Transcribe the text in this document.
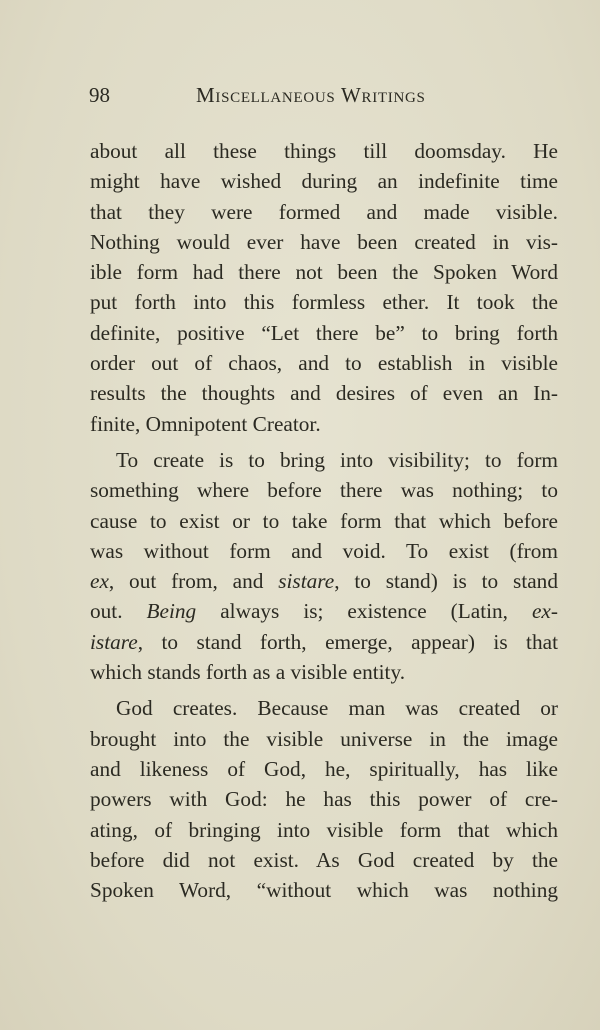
98	Miscellaneous Writings
about all these things till doomsday. He
might have wished during an indefinite time
that they were formed and made visible.
Nothing would ever have been created in vis-
ible form had there not been the Spoken Word
put forth into this formless ether. It took the
definite, positive “Let there be” to bring forth
order out of chaos, and to establish in visible
results the thoughts and desires of even an In-
finite, Omnipotent Creator.
To create is to bring into visibility; to form
something where before there was nothing; to
cause to exist or to take form that which before
was without form and void. To exist (from
ex, out from, and sistare, to stand) is to stand
out. Being always is; existence (Latin, ex-
istare, to stand forth, emerge, appear) is that
which stands forth as a visible entity.
God creates. Because man was created or
brought into the visible universe in the image
and likeness of God, he, spiritually, has like
powers with God: he has this power of cre-
ating, of bringing into visible form that which
before did not exist. As God created by the
Spoken Word, “without which was nothing
